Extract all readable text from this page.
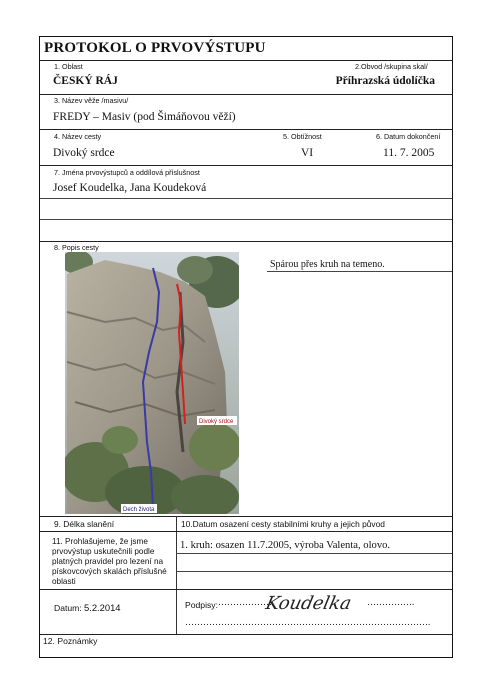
PROTOKOL O PRVOVÝSTUPU
1. Oblast	2.Obvod /skupina skal/
ČESKÝ RÁJ	Příhrazská údolíčka
3. Název věže /masivu/
FREDY – Masiv (pod Šimáňovou věží)
4. Název cesty	5. Obtížnost	6. Datum dokončení
Divoký srdce	VI	11. 7. 2005
7. Jména prvovýstupců a oddílová příslušnost
Josef Koudelka, Jana Koudeková
8. Popis cesty
Spárou přes kruh na temeno.
Divoký srdce
Dech života
9. Délka slanění	10.Datum osazení cesty stabilními kruhy a jejich původ
11. Prohlašujeme, že jsme prvovýstup uskutečnili podle platných pravidel pro lezení na pískovcových skalách příslušné oblasti
1. kruh: osazen 11.7.2005, výroba Valenta, olovo.
Datum: 5.2.2014	Podpisy: ………………	…………….
……………………………………………………………………….
Koudelka
12. Poznámky
